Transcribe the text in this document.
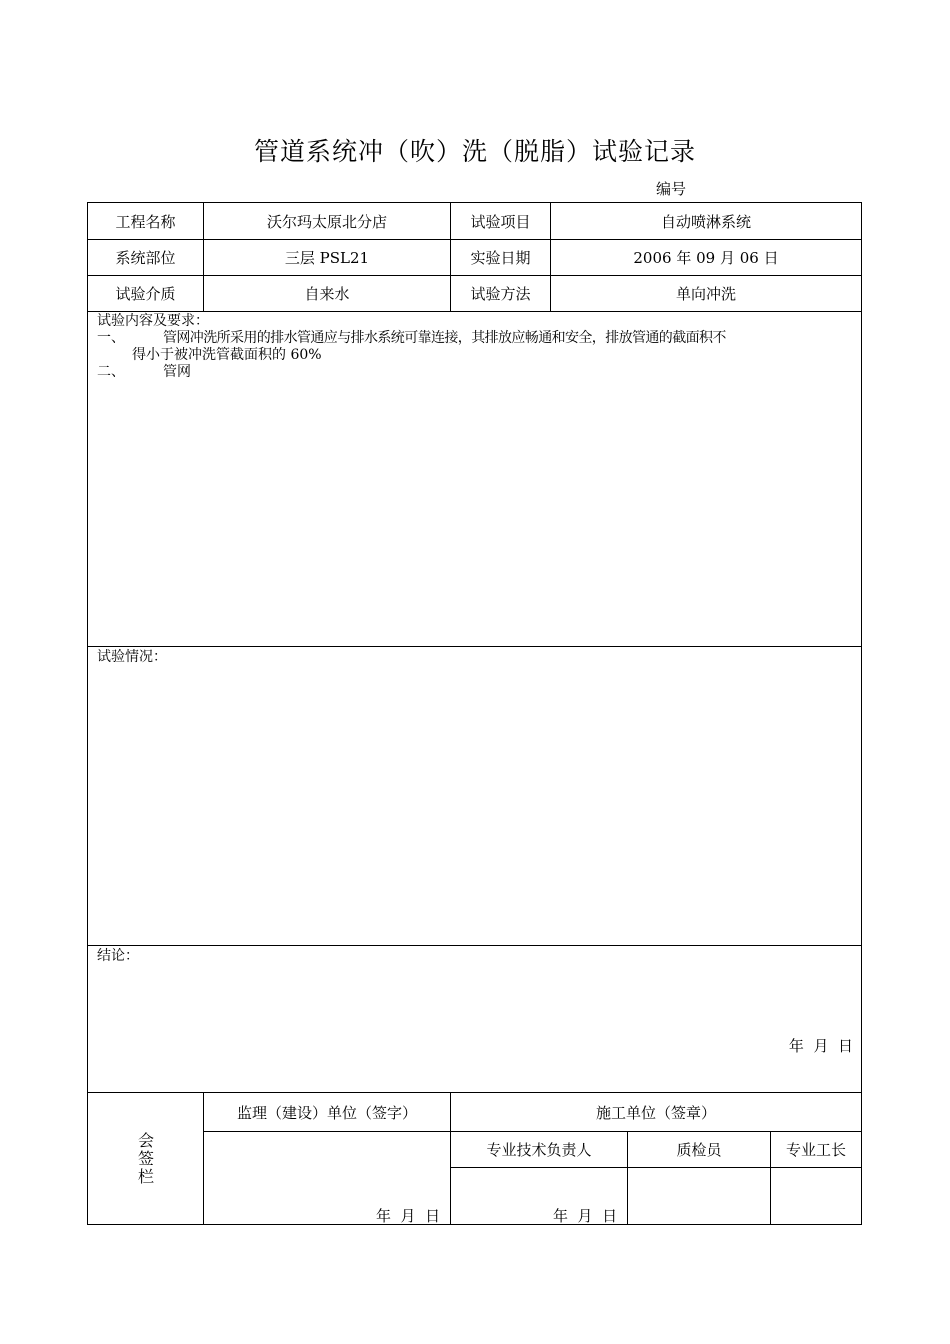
管道系统冲（吹）洗（脱脂）试验记录
编号
工程名称	沃尔玛太原北分店	试验项目	自动喷淋系统
系统部位	三层 PSL21	实验日期	2006 年 09 月 06 日
试验介质	自来水	试验方法	单向冲洗
试验内容及要求：
一、	管网冲洗所采用的排水管通应与排水系统可靠连接，其排放应畅通和安全，排放管通的截面积不
得小于被冲洗管截面积的 60%
二、	管网
试验情况：
结论：
年  月  日
会签栏
监理（建设）单位（签字）	施工单位（签章）
专业技术负责人	质检员	专业工长
年  月  日	年  月  日
